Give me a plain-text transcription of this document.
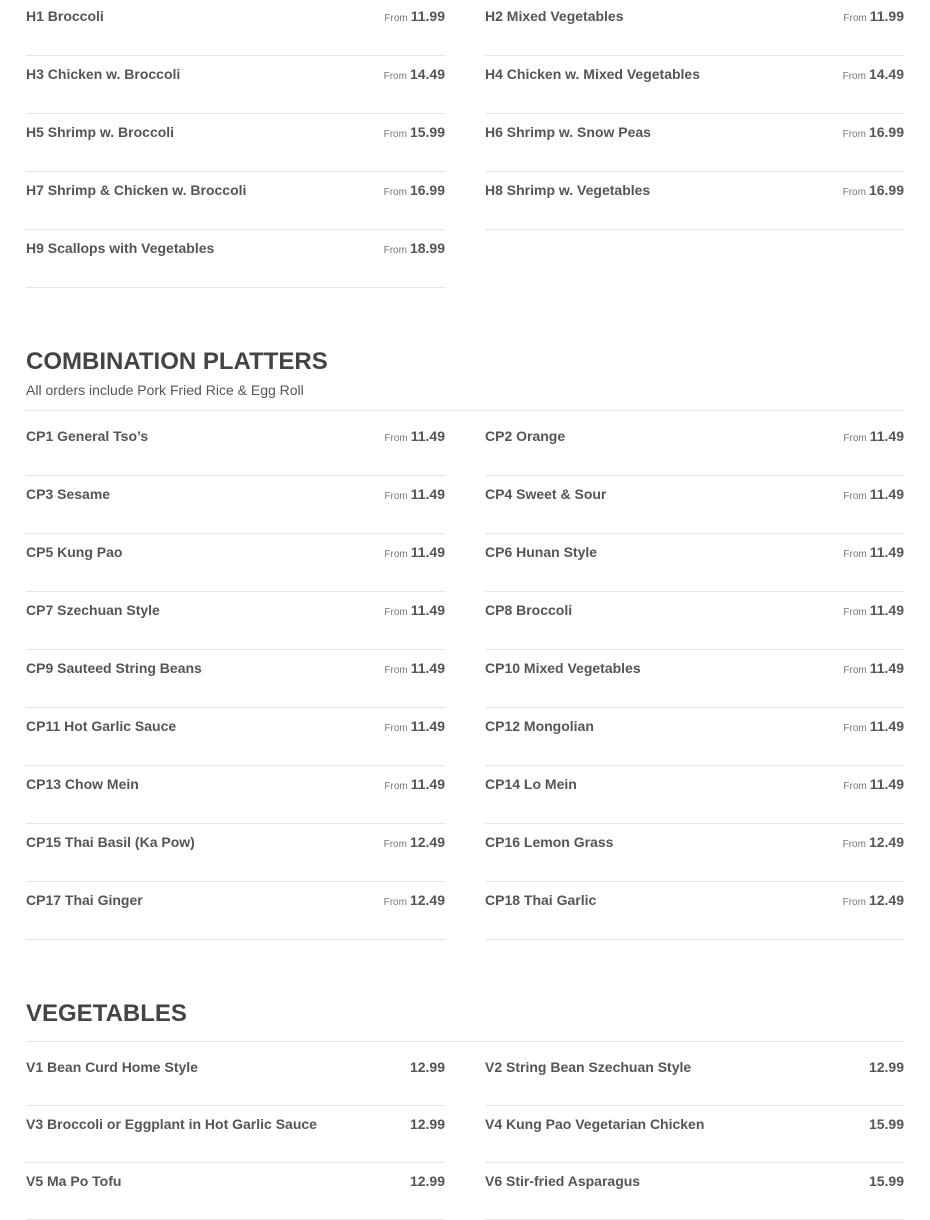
H1 Broccoli	From 11.99	H2 Mixed Vegetables	From 11.99
H3 Chicken w. Broccoli	From 14.49	H4 Chicken w. Mixed Vegetables	From 14.49
H5 Shrimp w. Broccoli	From 15.99	H6 Shrimp w. Snow Peas	From 16.99
H7 Shrimp & Chicken w. Broccoli	From 16.99	H8 Shrimp w. Vegetables	From 16.99
H9 Scallops with Vegetables	From 18.99
COMBINATION PLATTERS
All orders include Pork Fried Rice & Egg Roll
CP1 General Tso’s	From 11.49	CP2 Orange	From 11.49
CP3 Sesame	From 11.49	CP4 Sweet & Sour	From 11.49
CP5 Kung Pao	From 11.49	CP6 Hunan Style	From 11.49
CP7 Szechuan Style	From 11.49	CP8 Broccoli	From 11.49
CP9 Sauteed String Beans	From 11.49	CP10 Mixed Vegetables	From 11.49
CP11 Hot Garlic Sauce	From 11.49	CP12 Mongolian	From 11.49
CP13 Chow Mein	From 11.49	CP14 Lo Mein	From 11.49
CP15 Thai Basil (Ka Pow)	From 12.49	CP16 Lemon Grass	From 12.49
CP17 Thai Ginger	From 12.49	CP18 Thai Garlic	From 12.49
VEGETABLES
V1 Bean Curd Home Style	12.99	V2 String Bean Szechuan Style	12.99
V3 Broccoli or Eggplant in Hot Garlic Sauce	12.99	V4 Kung Pao Vegetarian Chicken	15.99
V5 Ma Po Tofu	12.99	V6 Stir-fried Asparagus	15.99
